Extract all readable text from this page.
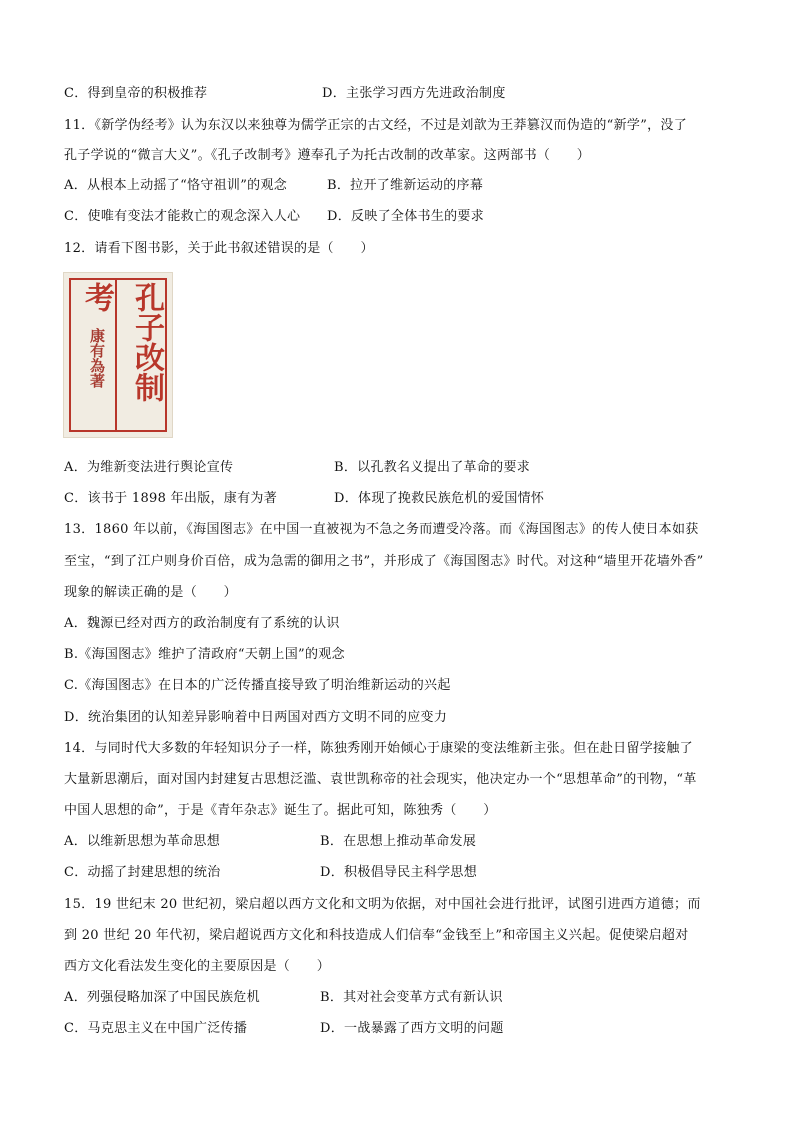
C．得到皇帝的积极推荐	D．主张学习西方先进政治制度
11．《新学伪经考》认为东汉以来独尊为儒学正宗的古文经，不过是刘歆为王莽篡汉而伪造的“新学”，没了
孔子学说的“微言大义”。《孔子改制考》遵奉孔子为托古改制的改革家。这两部书（　　）
A．从根本上动摇了“恪守祖训”的观念	B．拉开了维新运动的序幕
C．使唯有变法才能救亡的观念深入人心 D．反映了全体书生的要求
12．请看下图书影，关于此书叙述错误的是（　　）
孔子改制
考
康有為著
A．为维新变法进行舆论宣传	B．以孔教名义提出了革命的要求
C．该书于 1898 年出版，康有为著	D．体现了挽救民族危机的爱国情怀
13．1860 年以前，《海国图志》在中国一直被视为不急之务而遭受冷落。而《海国图志》的传人使日本如获
至宝，“到了江户则身价百倍，成为急需的御用之书”，并形成了《海国图志》时代。对这种“墙里开花墙外香”
现象的解读正确的是（　　）
A．魏源已经对西方的政治制度有了系统的认识
B.《海国图志》维护了清政府“天朝上国”的观念
C.《海国图志》在日本的广泛传播直接导致了明治维新运动的兴起
D．统治集团的认知差异影响着中日两国对西方文明不同的应变力
14．与同时代大多数的年轻知识分子一样，陈独秀刚开始倾心于康梁的变法维新主张。但在赴日留学接触了
大量新思潮后，面对国内封建复古思想泛滥、袁世凯称帝的社会现实，他决定办一个“思想革命”的刊物，“革
中国人思想的命”，于是《青年杂志》诞生了。据此可知，陈独秀（　　）
A．以维新思想为革命思想	B．在思想上推动革命发展
C．动摇了封建思想的统治	D．积极倡导民主科学思想
15．19 世纪末 20 世纪初，梁启超以西方文化和文明为依据，对中国社会进行批评，试图引进西方道德；而
到 20 世纪 20 年代初，梁启超说西方文化和科技造成人们信奉“金钱至上”和帝国主义兴起。促使梁启超对
西方文化看法发生变化的主要原因是（　　）
A．列强侵略加深了中国民族危机	B．其对社会变革方式有新认识
C．马克思主义在中国广泛传播	D．一战暴露了西方文明的问题
